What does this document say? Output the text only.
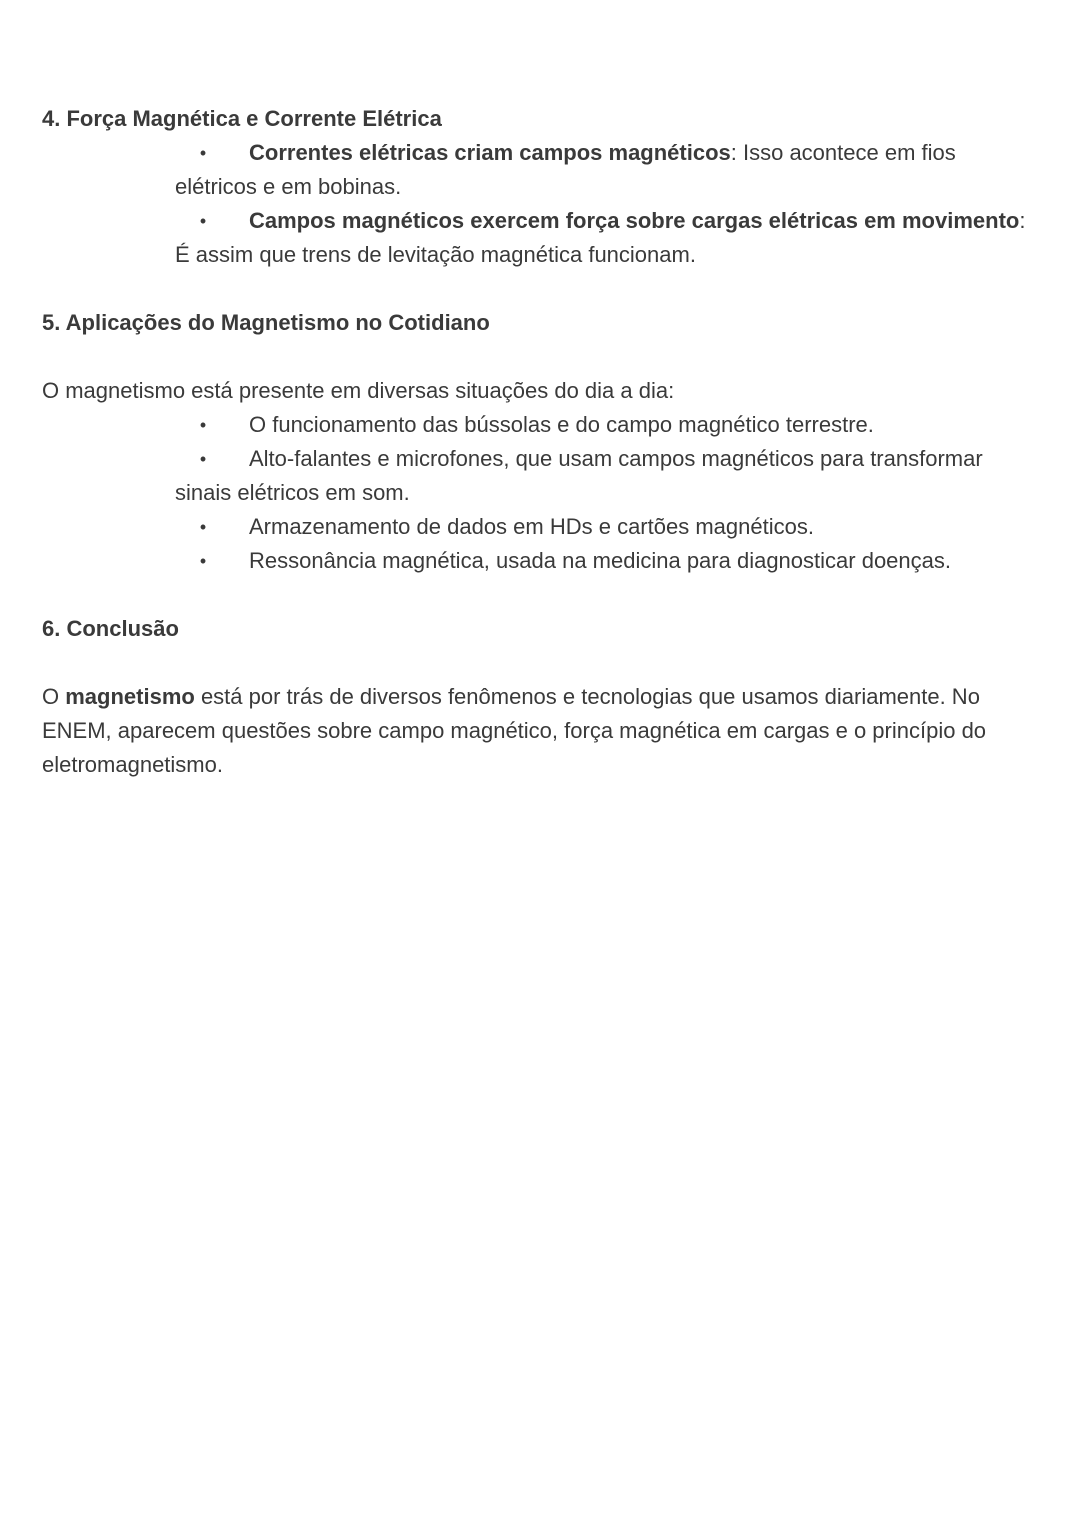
4. Força Magnética e Corrente Elétrica

• Correntes elétricas criam campos magnéticos: Isso acontece em fios elétricos e em bobinas.
• Campos magnéticos exercem força sobre cargas elétricas em movimento: É assim que trens de levitação magnética funcionam.

5. Aplicações do Magnetismo no Cotidiano

O magnetismo está presente em diversas situações do dia a dia:

• O funcionamento das bússolas e do campo magnético terrestre.
• Alto-falantes e microfones, que usam campos magnéticos para transformar sinais elétricos em som.
• Armazenamento de dados em HDs e cartões magnéticos.
• Ressonância magnética, usada na medicina para diagnosticar doenças.

6. Conclusão

O magnetismo está por trás de diversos fenômenos e tecnologias que usamos diariamente. No ENEM, aparecem questões sobre campo magnético, força magnética em cargas e o princípio do eletromagnetismo.
